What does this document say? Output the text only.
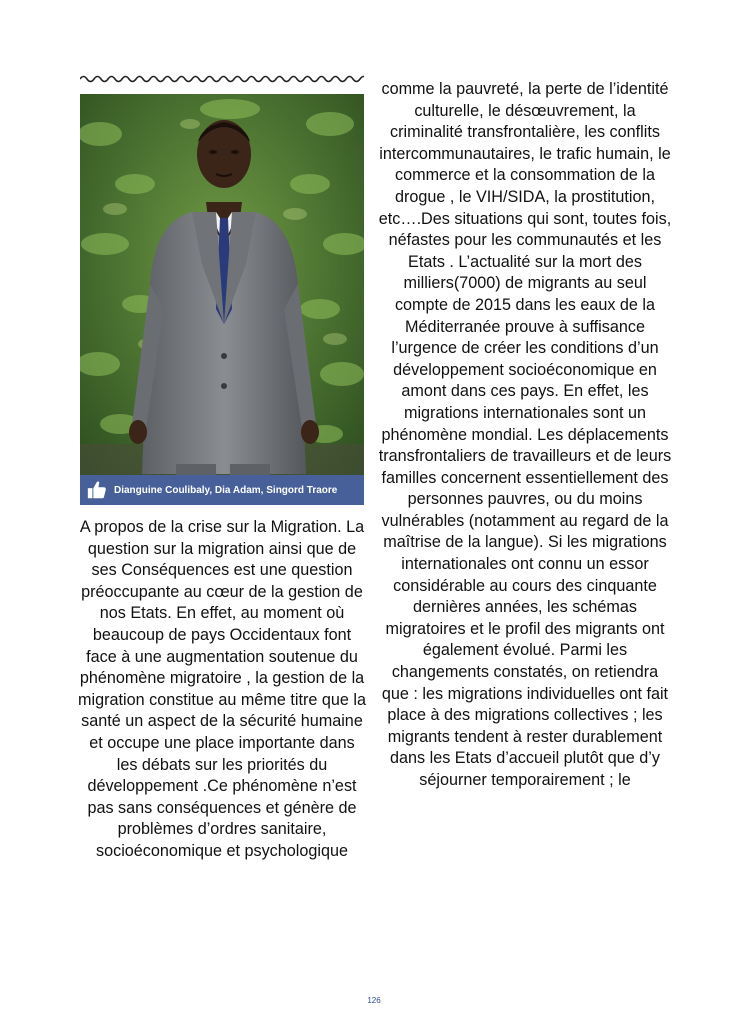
Dianguine Coulibaly, Dia Adam, Singord Traore
A propos de la crise sur la Migration. La question sur la migration ainsi que de ses Conséquences est une question préoccupante au cœur de la gestion de nos Etats. En effet, au moment où beaucoup de pays Occidentaux font face à une augmentation soutenue du phénomène migratoire , la gestion de la migration constitue au même titre que la santé un aspect de la sécurité humaine et occupe une place importante dans les débats sur les priorités du développement .Ce phénomène n’est pas sans conséquences et génère de problèmes d’ordres sanitaire, socioéconomique et psychologique
comme la pauvreté, la perte de l’identité culturelle, le désœuvrement, la criminalité transfrontalière, les conflits intercommunautaires, le trafic humain, le commerce et la consommation de la drogue , le VIH/SIDA, la prostitution, etc….Des situations qui sont, toutes fois, néfastes pour les communautés et les Etats . L’actualité sur la mort des milliers(7000) de migrants au seul compte de 2015 dans les eaux de la Méditerranée prouve à suffisance l’urgence de créer les conditions d’un développement socioéconomique en amont dans ces pays. En effet, les migrations internationales sont un phénomène mondial. Les déplacements transfrontaliers de travailleurs et de leurs familles concernent essentiellement des personnes pauvres, ou du moins vulnérables (notamment au regard de la maîtrise de la langue). Si les migrations internationales ont connu un essor considérable au cours des cinquante dernières années, les schémas migratoires et le profil des migrants ont également évolué. Parmi les changements constatés, on retiendra que : les migrations individuelles ont fait place à des migrations collectives ; les migrants tendent à rester durablement dans les Etats d’accueil plutôt que d’y séjourner temporairement ; le
126
